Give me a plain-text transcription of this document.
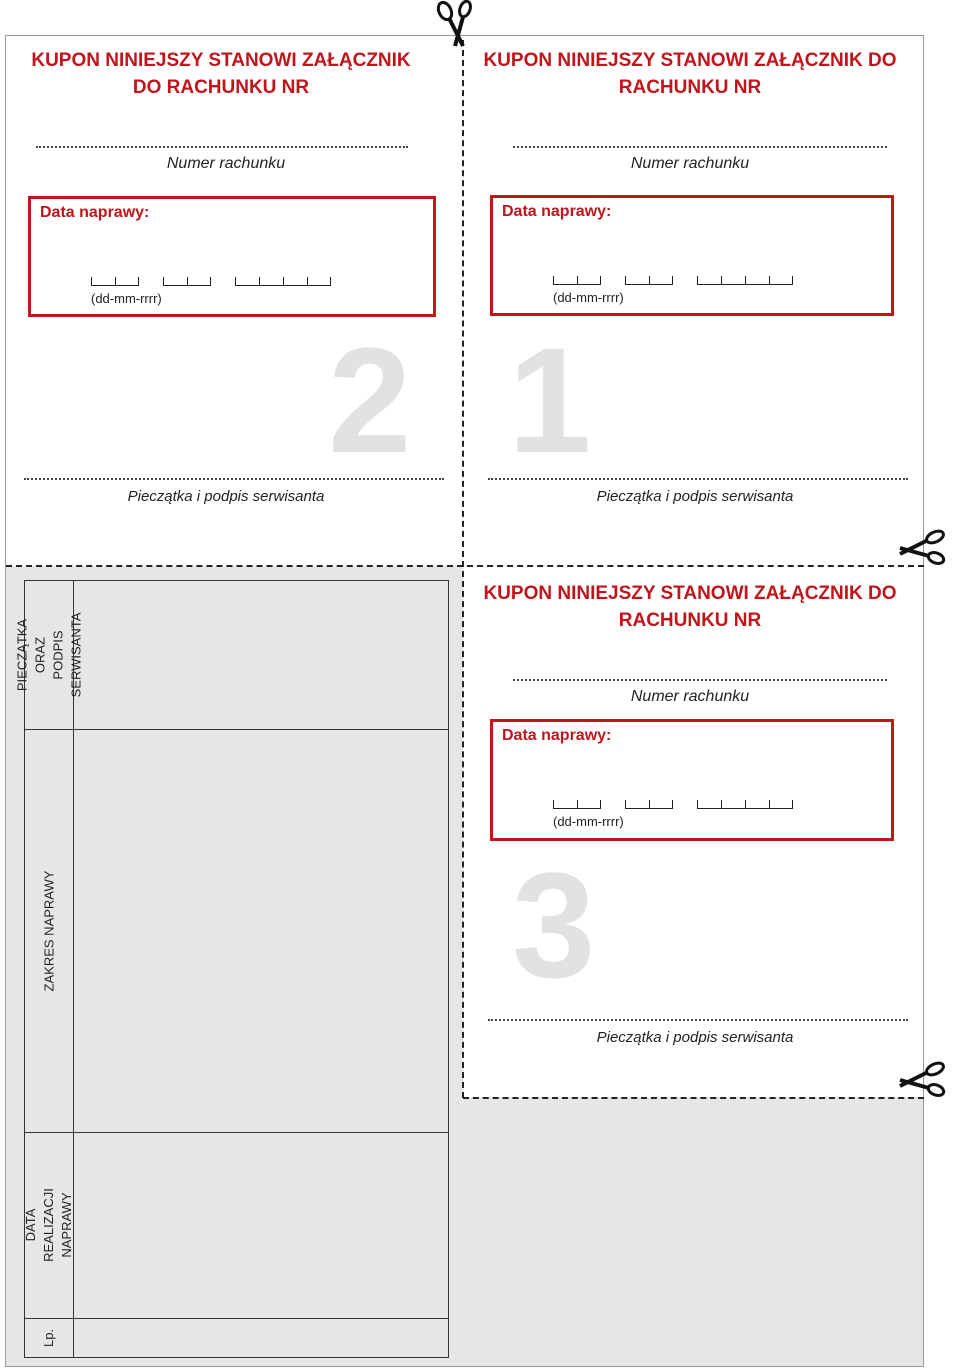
PIECZĄTKA ORAZ PODPIS SERWISANTA
ZAKRES NAPRAWY
DATA REALIZACJI NAPRAWY
Lp.
KUPON NINIEJSZY STANOWI ZAŁĄCZNIK DO RACHUNKU NR
Numer rachunku
Data naprawy:
(dd-mm-rrrr)
2
Pieczątka i podpis serwisanta
KUPON NINIEJSZY STANOWI ZAŁĄCZNIK DO RACHUNKU NR
Numer rachunku
Data naprawy:
(dd-mm-rrrr)
1
Pieczątka i podpis serwisanta
KUPON NINIEJSZY STANOWI ZAŁĄCZNIK DO RACHUNKU NR
Numer rachunku
Data naprawy:
(dd-mm-rrrr)
3
Pieczątka i podpis serwisanta
